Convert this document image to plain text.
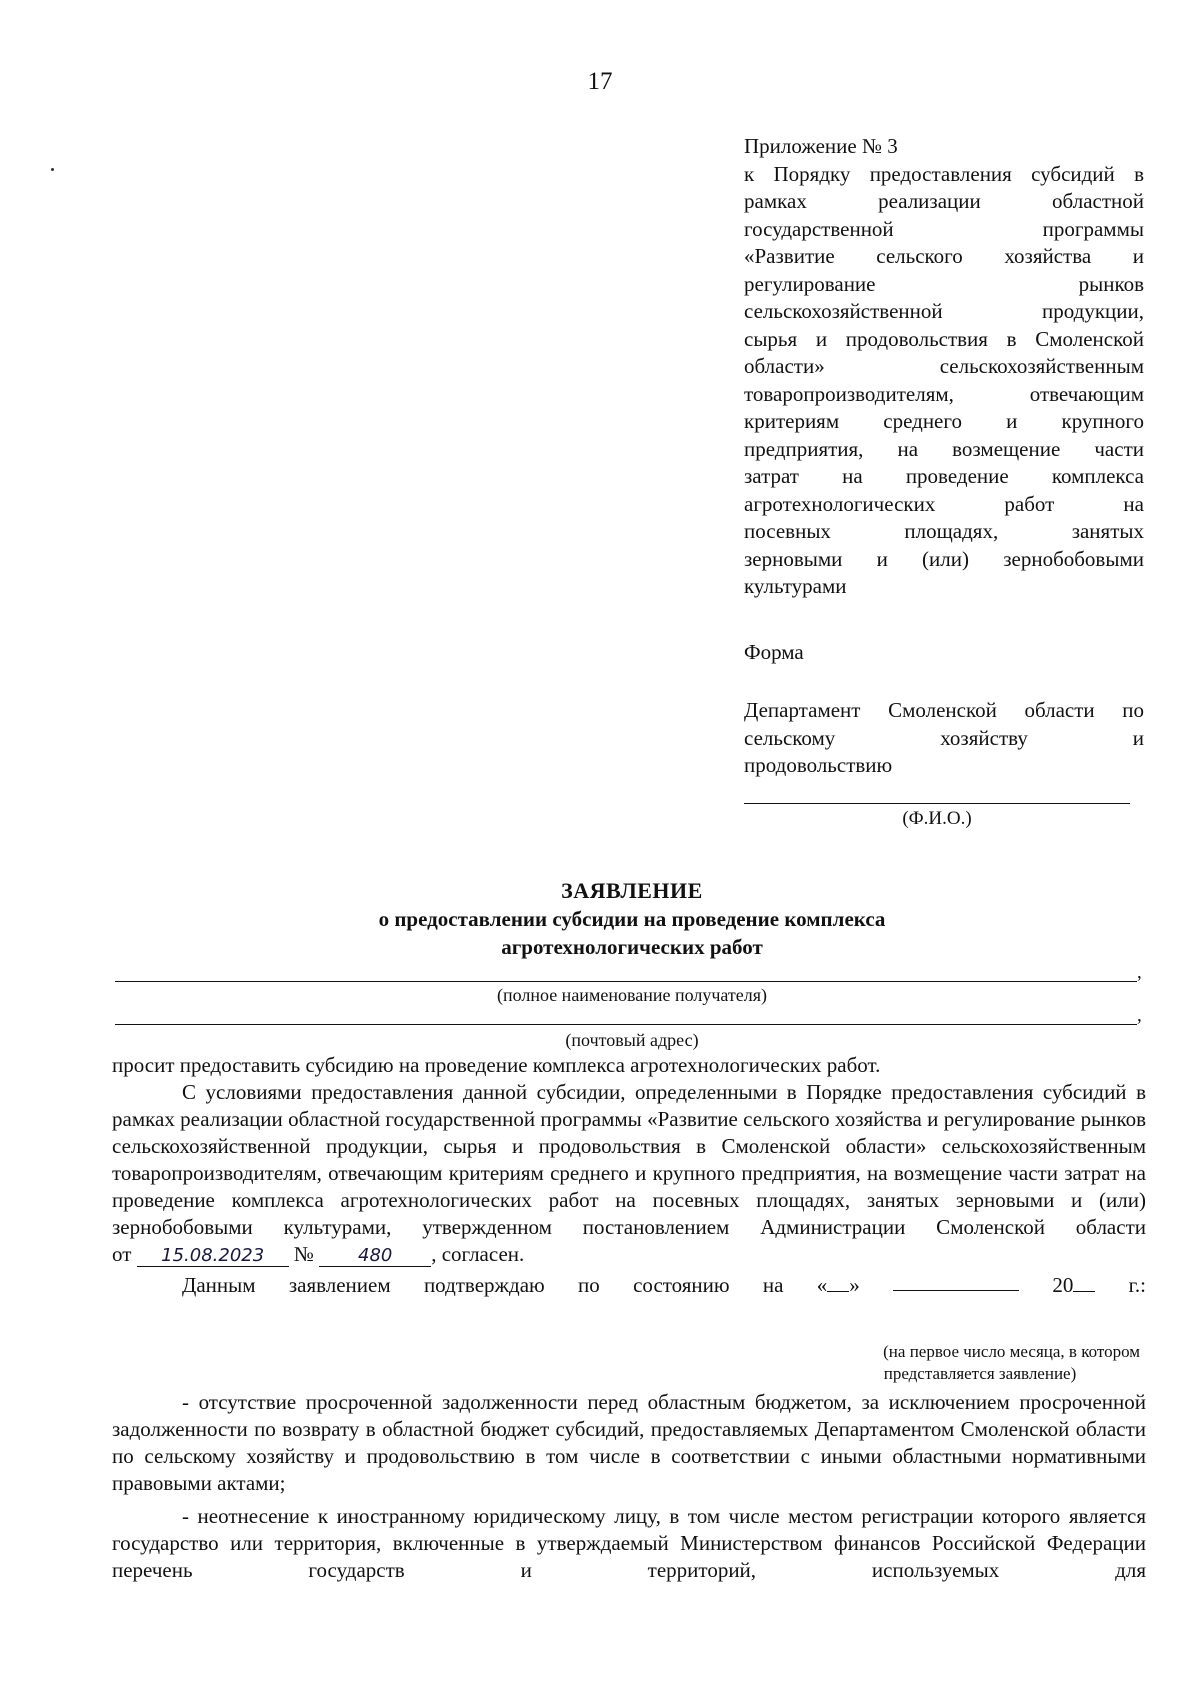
17
Приложение № 3
к Порядку предоставления субсидий в
рамках реализации областной
государственной программы
«Развитие сельского хозяйства и
регулирование рынков
сельскохозяйственной продукции,
сырья и продовольствия в Смоленской
области» сельскохозяйственным
товаропроизводителям, отвечающим
критериям среднего и крупного
предприятия, на возмещение части
затрат на проведение комплекса
агротехнологических работ на
посевных площадях, занятых
зерновыми и (или) зернобобовыми
культурами
Форма
Департамент Смоленской области по
сельскому хозяйству и
продовольствию
(Ф.И.О.)
ЗАЯВЛЕНИЕ
о предоставлении субсидии на проведение комплекса
агротехнологических работ
,
(полное наименование получателя)
,
(почтовый адрес)

просит предоставить субсидию на проведение комплекса агротехнологических работ.

С условиями предоставления данной субсидии, определенными в Порядке предоставления субсидий в рамках реализации областной государственной программы «Развитие сельского хозяйства и регулирование рынков сельскохозяйственной продукции, сырья и продовольствия в Смоленской области» сельскохозяйственным товаропроизводителям, отвечающим критериям среднего и крупного предприятия, на возмещение части затрат на проведение комплекса агротехнологических работ на посевных площадях, занятых зерновыми и (или) зернобобовыми культурами, утвержденном постановлением Администрации Смоленской области

от 15.08.2023 № 480 , согласен.

Данным заявлением подтверждаю по состоянию на « »	20	г.:
(на первое число месяца, в котором
представляется заявление)

- отсутствие просроченной задолженности перед областным бюджетом, за исключением просроченной задолженности по возврату в областной бюджет субсидий, предоставляемых Департаментом Смоленской области по сельскому хозяйству и продовольствию в том числе в соответствии с иными областными нормативными правовыми актами;

- неотнесение к иностранному юридическому лицу, в том числе местом регистрации которого является государство или территория, включенные в утверждаемый Министерством финансов Российской Федерации перечень государств и территорий, используемых для
